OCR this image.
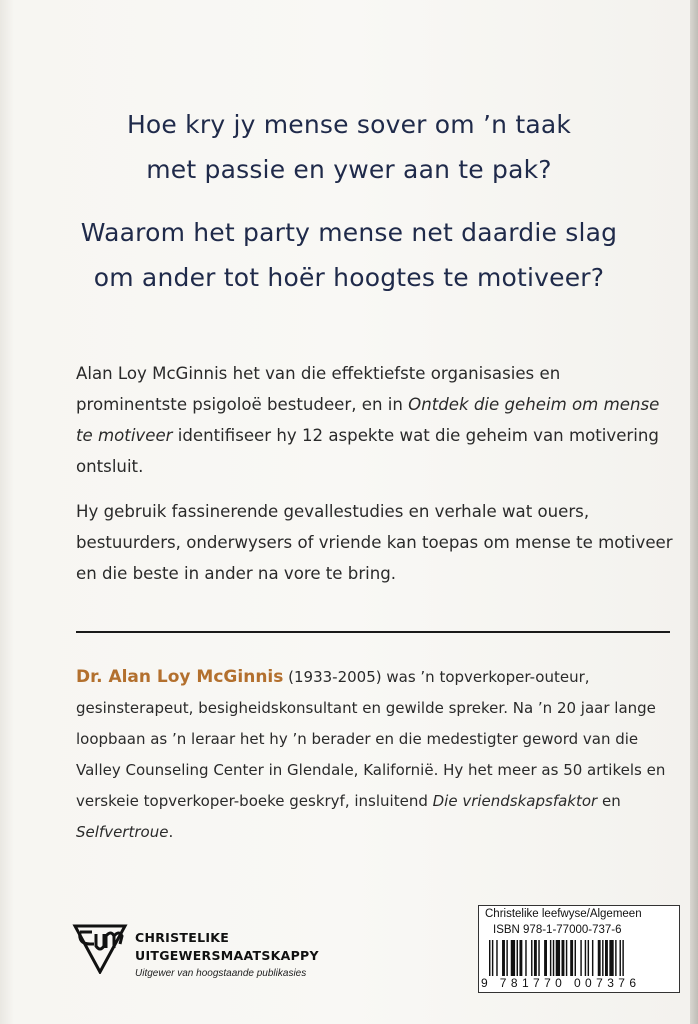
Hoe kry jy mense sover om ’n taak
met passie en ywer aan te pak?
Waarom het party mense net daardie slag
om ander tot hoër hoogtes te motiveer?
Alan Loy McGinnis het van die effektiefste organisasies en prominentste psigoloë bestudeer, en in Ontdek die geheim om mense te motiveer identifiseer hy 12 aspekte wat die geheim van motivering ontsluit.
Hy gebruik fassinerende gevallestudies en verhale wat ouers, bestuurders, onderwysers of vriende kan toepas om mense te motiveer en die beste in ander na vore te bring.
Dr. Alan Loy McGinnis (1933-2005) was ’n topverkoper-outeur, gesinsterapeut, besigheidskonsultant en gewilde spreker. Na ’n 20 jaar lange loopbaan as ’n leraar het hy ’n berader en die medestigter geword van die Valley Counseling Center in Glendale, Kalifornië. Hy het meer as 50 artikels en verskeie topverkoper-boeke geskryf, insluitend Die vriendskapsfaktor en Selfvertroue.
CHRISTELIKE
UITGEWERSMAATSKAPPY
Uitgewer van hoogstaande publikasies
Christelike leefwyse/Algemeen
ISBN 978-1-77000-737-6
9 781770 007376
